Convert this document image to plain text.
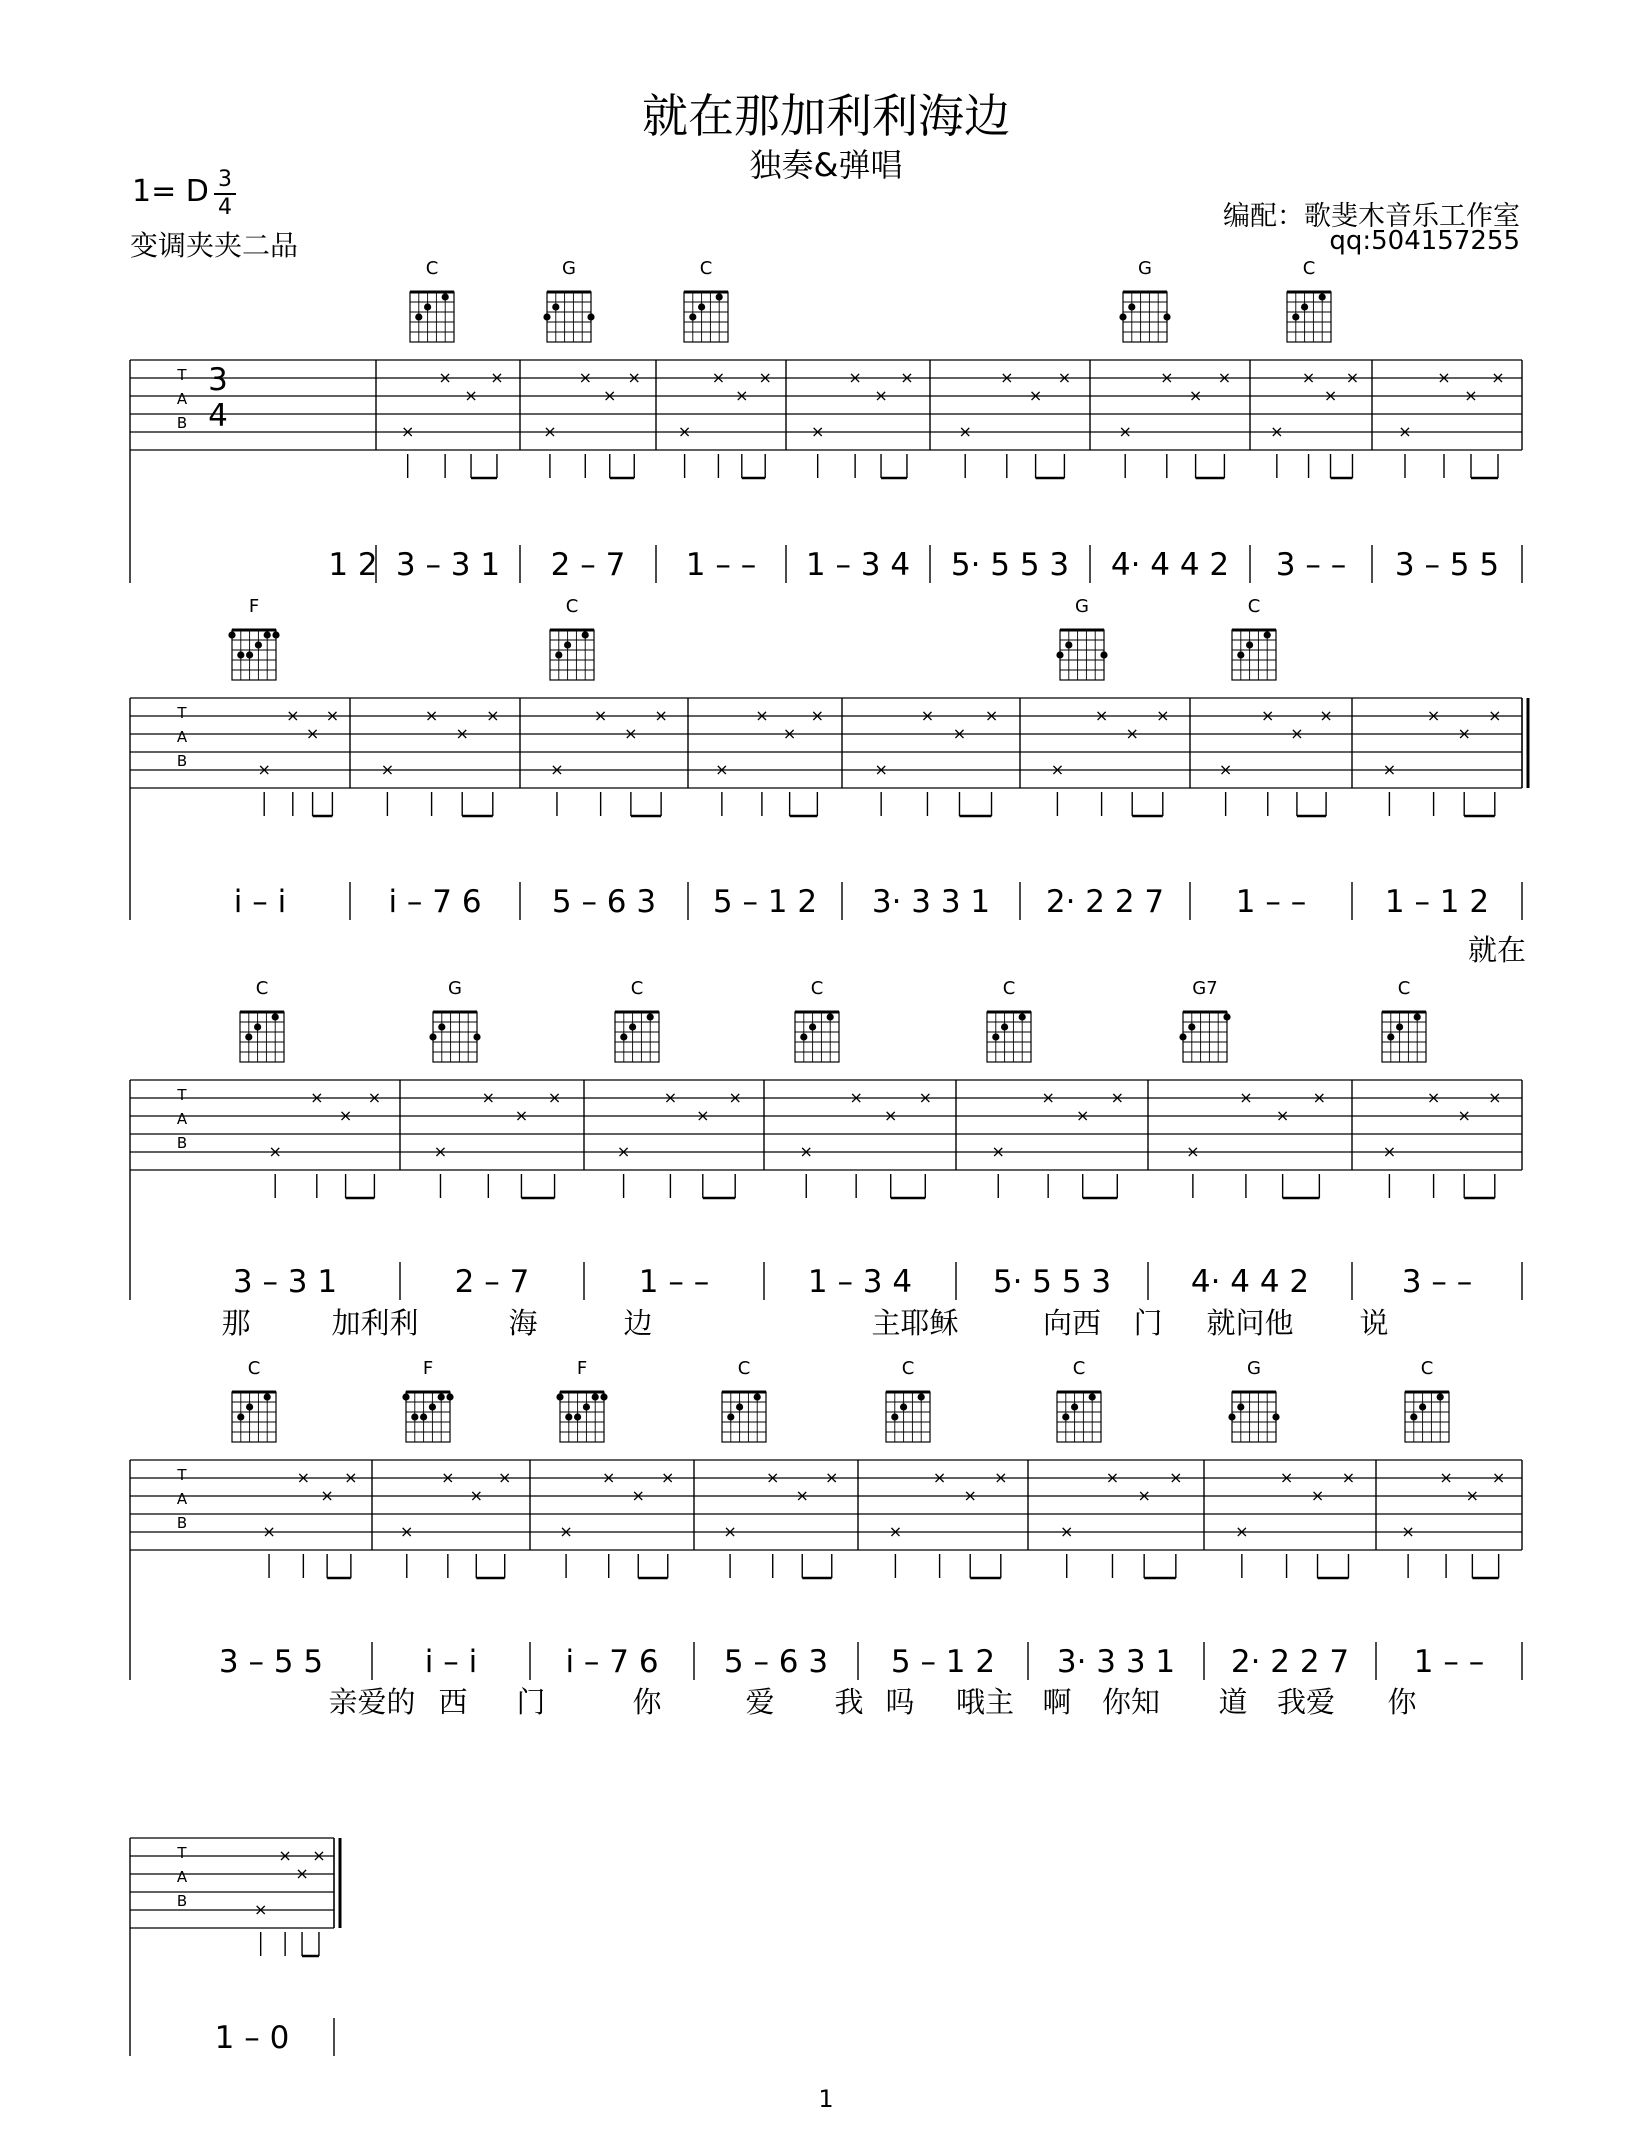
就在那加利利海边
独奏&弹唱
1= D 3
4
变调夹夹二品
编配：歌斐木音乐工作室
qq:504157255
1
T
A
B
3
4	×
×
×
×
×
×
×
×
×
×
×
×
×
×
×
×
×
×
×
×
×
×
×
×
×
×
×
×
×
×
×
×
C	G	C	G	C
1 2 3 – 3 1 2 – 7 1 – – 1 – 3 4 5· 5 5 3 4· 4 4 2 3 – – 3 – 5 5
T
A
B	×
×
×
×
×
×
×
×
×
×
×
×
×
×
×
×
×
×
×
×
×
×
×
×
×
×
×
×
×
×
×
×
F	C	G	C
i – i	i – 7 6 5 – 6 3 5 – 1 2 3· 3 3 1 2· 2 2 7 1 – –	1 – 1 2
就在
T
A
B	×
×
×
×
×
×
×
×
×
×
×
×
×
×
×
×
×
×
×
×
×
×
×
×
×
×
×
×
C	G	C	C	C	G7	C
3 – 3 1	2 – 7	1 – –	1 – 3 4	5· 5 5 3	4· 4 4 2	3 – –
那	加利利	海	边	主耶稣	向西 门 就问他 说
T
A
B	×
×
×
×
×
×
×
×
×
×
×
×
×
×
×
×
×
×
×
×
×
×
×
×
×
×
×
×
×
×
×
×
C	F	F	C	C	C	G	C
3 – 5 5	i – i	i – 7 6 5 – 6 3 5 – 1 2 3· 3 3 1 2· 2 2 7 1 – –
亲爱的 西 门	你	爱 我 吗 哦主 啊 你知 道 我爱 你
T
A
B	×
×
×
×
1 – 0
